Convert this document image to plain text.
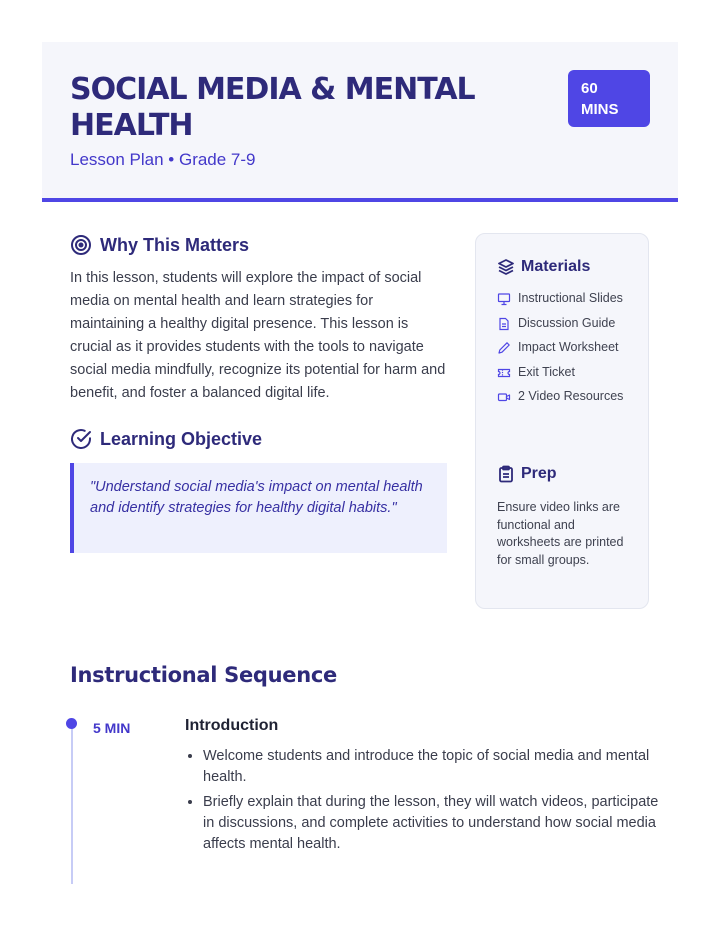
SOCIAL MEDIA & MENTAL HEALTH

Lesson Plan • Grade 7-9

60
MINS
Why This Matters

In this lesson, students will explore the impact of social media on mental health and learn strategies for maintaining a healthy digital presence. This lesson is crucial as it provides students with the tools to navigate social media mindfully, recognize its potential for harm and benefit, and foster a balanced digital life.

Learning Objective
"Understand social media's impact on mental health and identify strategies for healthy digital habits."
Materials
Instructional Slides
Discussion Guide
Impact Worksheet
Exit Ticket
2 Video Resources
Prep

Ensure video links are functional and worksheets are printed for small groups.

Instructional Sequence

5 MIN	Introduction

• Welcome students and introduce the topic of social media and mental health.
• Briefly explain that during the lesson, they will watch videos, participate in discussions, and complete activities to understand how social media affects mental health.
